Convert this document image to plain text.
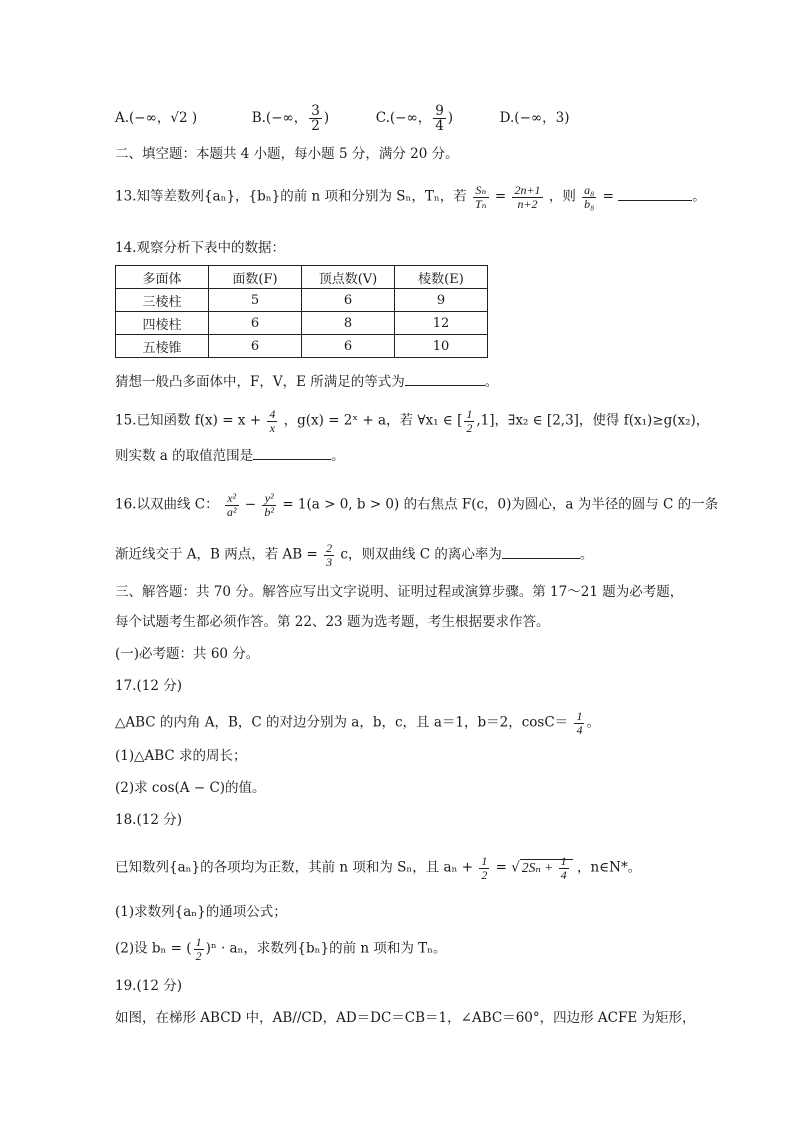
A.(−∞，√2 )	B.(−∞， $\frac{3}{2}$ )	C.(−∞， $\frac{9}{4}$ )	D.(−∞，3)
二、填空题：本题共 4 小题，每小题 5 分，满分 20 分。
13.知等差数列{aₙ}，{bₙ}的前 n 项和分别为 Sₙ，Tₙ，若 $\frac{\text{Sₙ}}{\text{Tₙ}} = \frac{2n+1}{n+2}$ ，则 $\frac{\text{a₈}}{\text{b₈}}$ =	。
14.观察分析下表中的数据：
多面体	面数(F)	顶点数(V)	棱数(E)
三棱柱	5	6	9
四棱柱	6	8	12
五棱锥	6	6	10
猜想一般凸多面体中，F，V，E 所满足的等式为	。
15.已知函数 $f(x) = x + \frac{4}{x}$ ，g(x) = 2ˣ + a，若 ∀x₁ ∈ [ $\frac{1}{2} ,1$]，∃x₂ ∈ [2,3]，使得 f(x₁)≥g(x₂)，
则实数 a 的取值范围是	。
16.以双曲线 C： $\frac{\text{x²}}{\text{a²}} - \frac{\text{y²}}{\text{b²}} = 1(a > 0$, b > 0) 的右焦点 F(c，0)为圆心，a 为半径的圆与 C 的一条
渐近线交于 A，B 两点，若 AB = $\frac{2}{3}$ c，则双曲线 C 的离心率为	。
三、解答题：共 70 分。解答应写出文字说明、证明过程或演算步骤。第 17～21 题为必考题，
每个试题考生都必须作答。第 22、23 题为选考题，考生根据要求作答。
(一)必考题：共 60 分。
17.(12 分)
△ABC 的内角 A，B，C 的对边分别为 a，b，c，且 a＝1，b＝2，$\cos C= \frac{1}{4}$ 。
(1)△ABC 求的周长；
(2)求 cos(A − C)的值。
18.(12 分)
已知数列{aₙ}的各项均为正数，其前 n 项和为 Sₙ，且 $a_n + \frac{1}{2}$ = √ $2S_n + \frac{1}{4}$ ，n∈N*。
(1)求数列{aₙ}的通项公式；
(2)设 bₙ = ( $\frac{1}{2} )^n \cdot a_n$，求数列{bₙ}的前 n 项和为 Tₙ。
19.(12 分)
如图，在梯形 ABCD 中，AB//CD，AD＝DC＝CB＝1，∠ABC＝60°，四边形 ACFE 为矩形，
